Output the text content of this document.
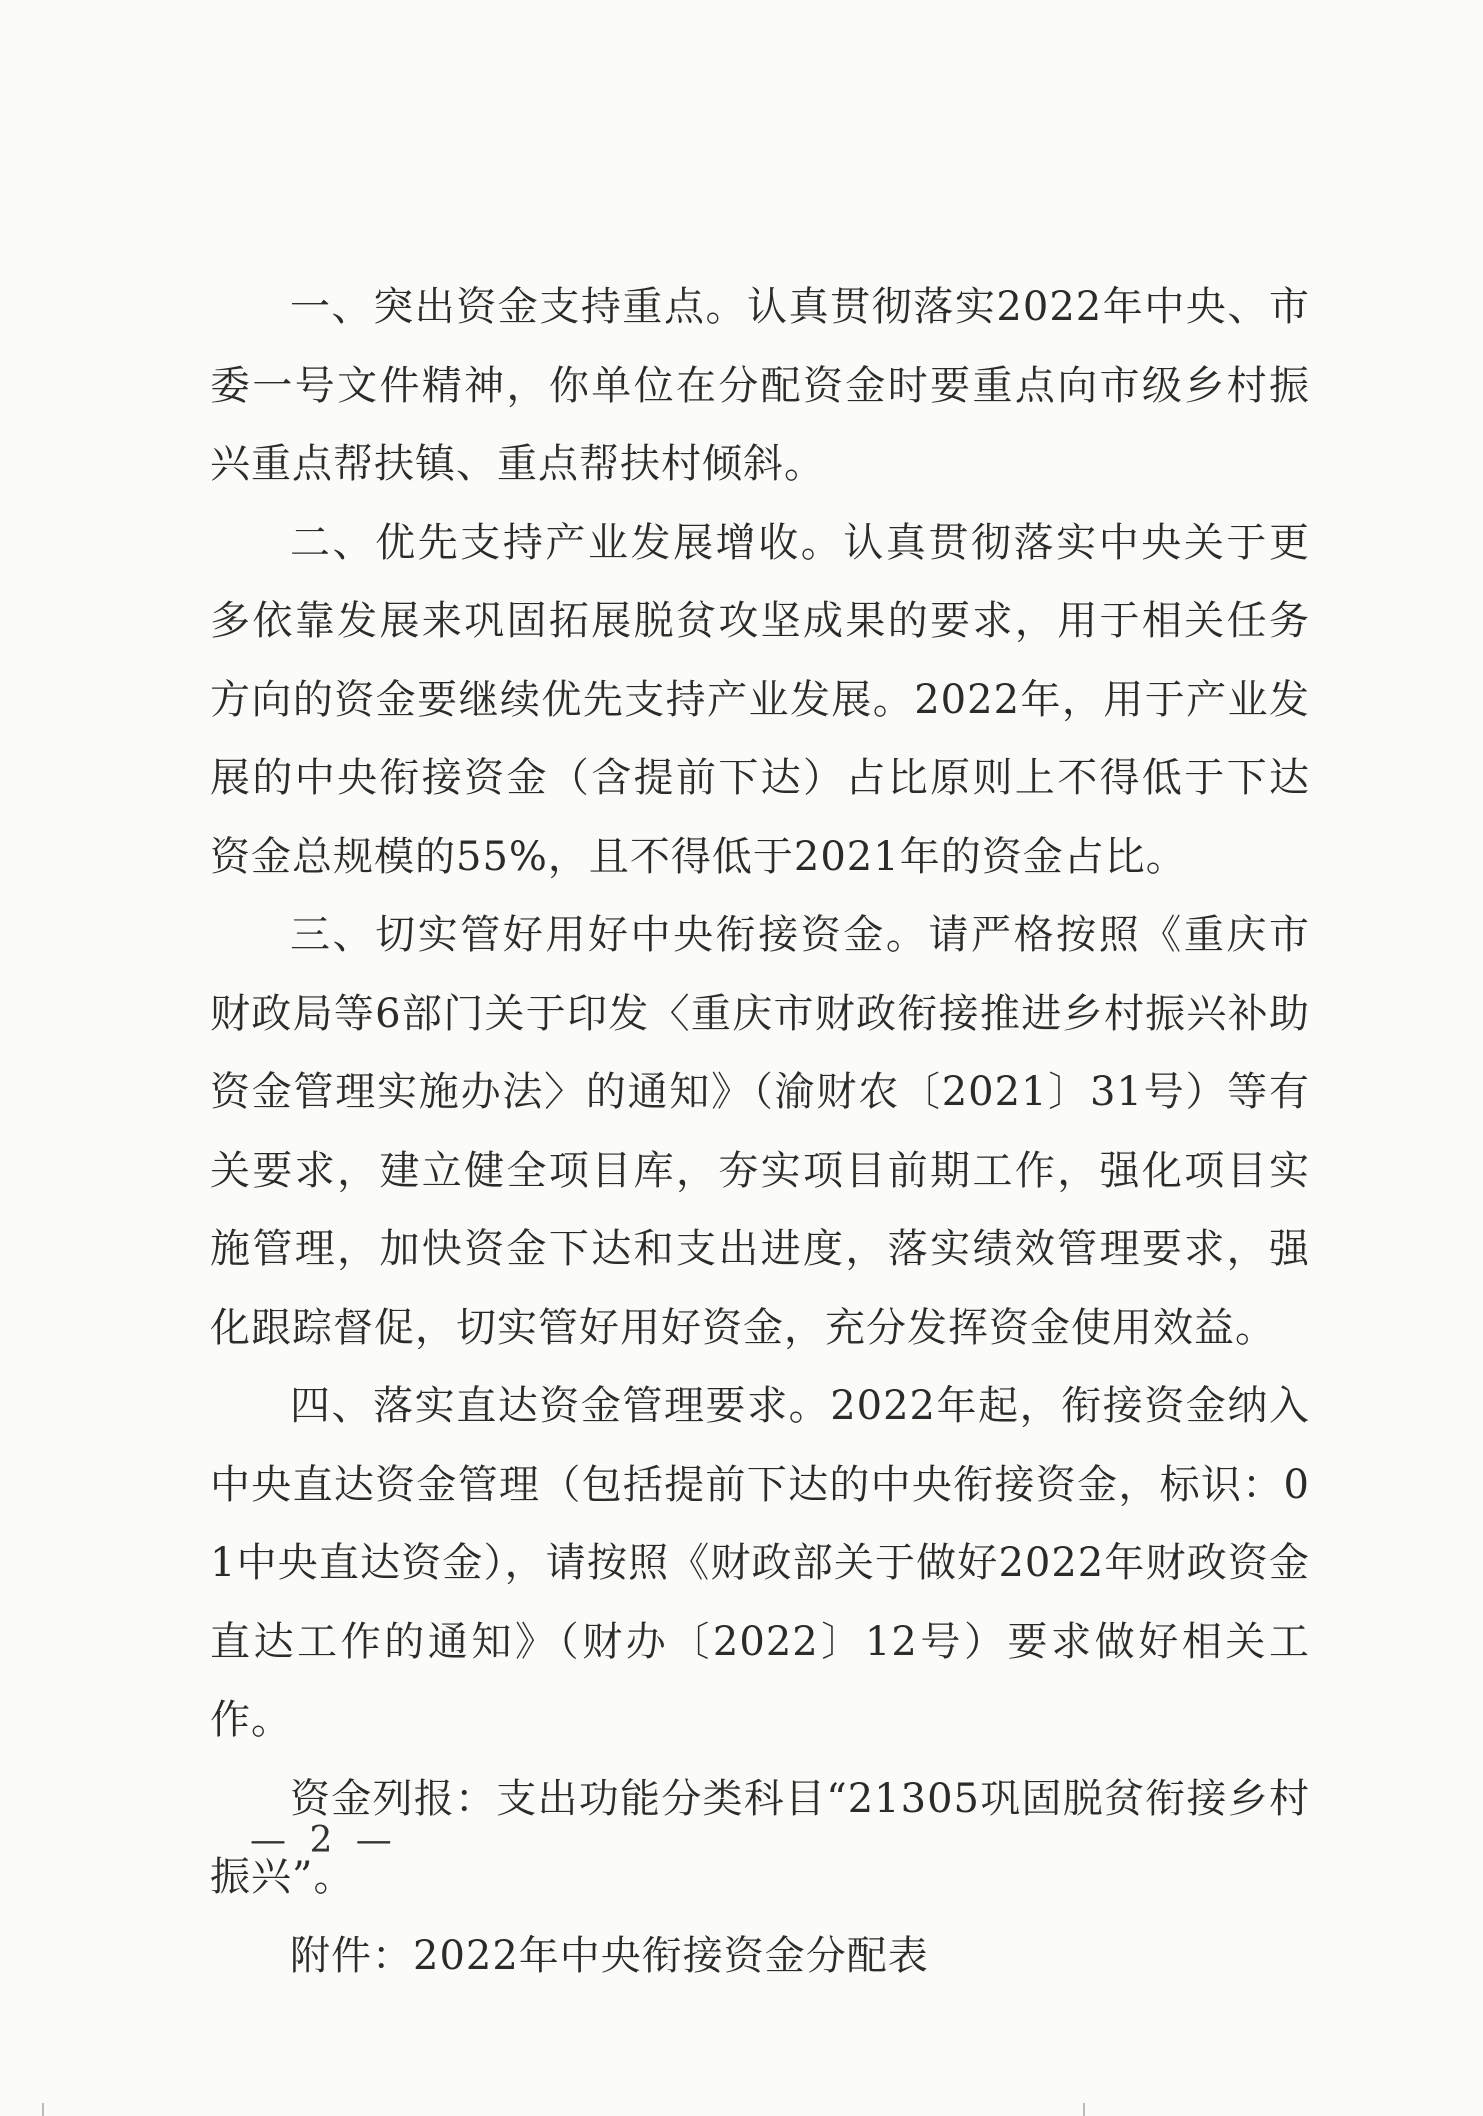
一、突出资金支持重点。认真贯彻落实2022年中央、市委一号文件精神，你单位在分配资金时要重点向市级乡村振兴重点帮扶镇、重点帮扶村倾斜。

二、优先支持产业发展增收。认真贯彻落实中央关于更多依靠发展来巩固拓展脱贫攻坚成果的要求，用于相关任务方向的资金要继续优先支持产业发展。2022年，用于产业发展的中央衔接资金（含提前下达）占比原则上不得低于下达资金总规模的55%，且不得低于2021年的资金占比。

三、切实管好用好中央衔接资金。请严格按照《重庆市财政局等6部门关于印发〈重庆市财政衔接推进乡村振兴补助资金管理实施办法〉的通知》（渝财农〔2021〕31号）等有关要求，建立健全项目库，夯实项目前期工作，强化项目实施管理，加快资金下达和支出进度，落实绩效管理要求，强化跟踪督促，切实管好用好资金，充分发挥资金使用效益。

四、落实直达资金管理要求。2022年起，衔接资金纳入中央直达资金管理（包括提前下达的中央衔接资金，标识：01中央直达资金），请按照《财政部关于做好2022年财政资金直达工作的通知》（财办〔2022〕12号）要求做好相关工作。

资金列报：支出功能分类科目“21305巩固脱贫衔接乡村振兴”。

附件：2022年中央衔接资金分配表

— 2 —
